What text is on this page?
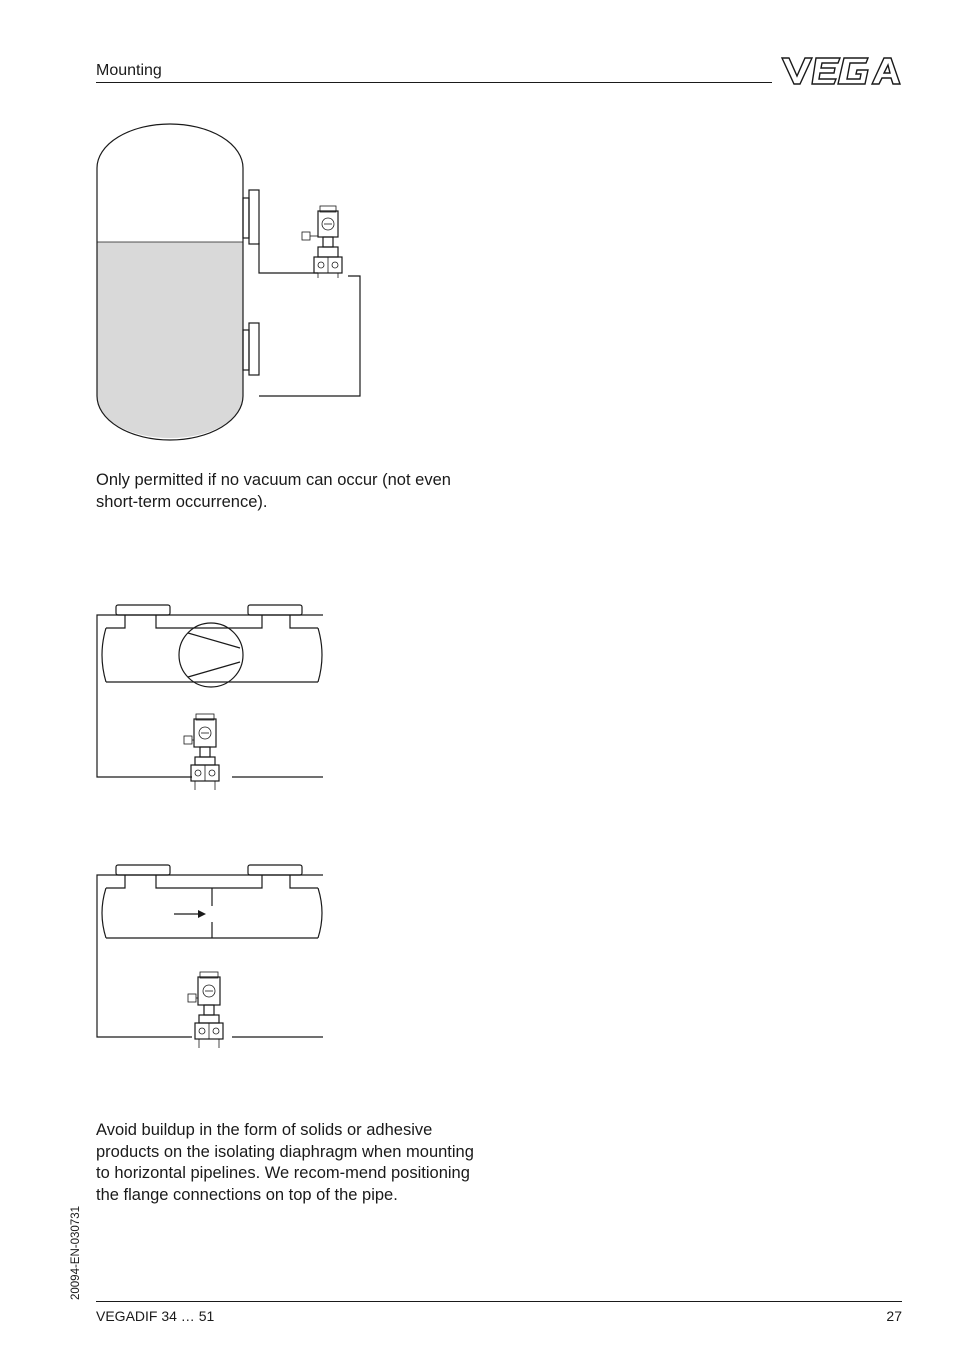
Mounting
Only permitted if no vacuum can occur (not even short-term occurrence).
Avoid buildup in the form of solids or adhesive products on the isolating diaphragm when mounting to horizontal pipelines. We recom-mend positioning the flange connections on top of the pipe.
20094-EN-030731
VEGADIF 34 … 51	27
